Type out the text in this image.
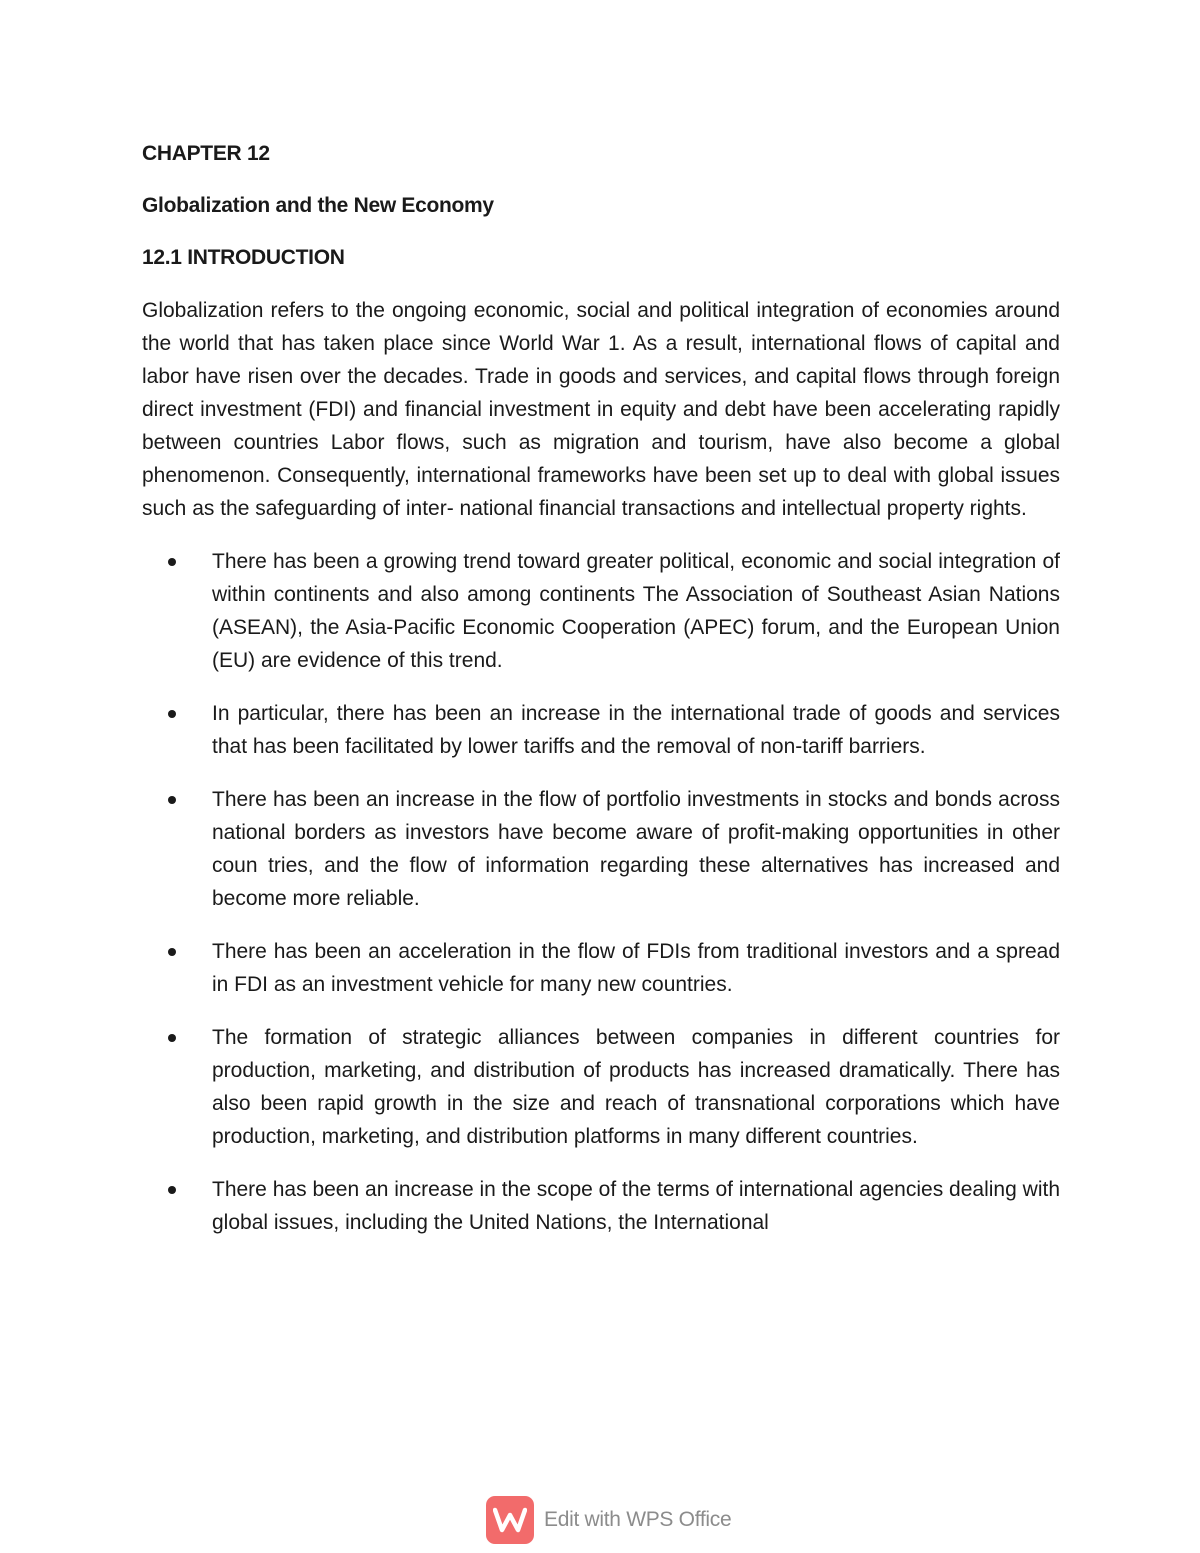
CHAPTER 12
Globalization and the New Economy
12.1 INTRODUCTION

Globalization refers to the ongoing economic, social and political integration of economies around the world that has taken place since World War 1. As a result, international flows of capital and labor have risen over the decades. Trade in goods and services, and capital flows through foreign direct investment (FDI) and financial investment in equity and debt have been accelerating rapidly between countries Labor flows, such as migration and tourism, have also become a global phenomenon. Consequently, international frameworks have been set up to deal with global issues such as the safeguarding of inter- national financial transactions and intellectual property rights.

There has been a growing trend toward greater political, economic and social integration of within continents and also among continents The Association of Southeast Asian Nations (ASEAN), the Asia-Pacific Economic Cooperation (APEC) forum, and the European Union (EU) are evidence of this trend.
In particular, there has been an increase in the international trade of goods and services that has been facilitated by lower tariffs and the removal of non-tariff barriers.
There has been an increase in the flow of portfolio investments in stocks and bonds across national borders as investors have become aware of profit-making opportunities in other coun tries, and the flow of information regarding these alternatives has increased and become more reliable.
There has been an acceleration in the flow of FDIs from traditional investors and a spread in FDI as an investment vehicle for many new countries.
The formation of strategic alliances between companies in different countries for production, marketing, and distribution of products has increased dramatically. There has also been rapid growth in the size and reach of transnational corporations which have production, marketing, and distribution platforms in many different countries.
There has been an increase in the scope of the terms of international agencies dealing with global issues, including the United Nations, the International
Edit with WPS Office
